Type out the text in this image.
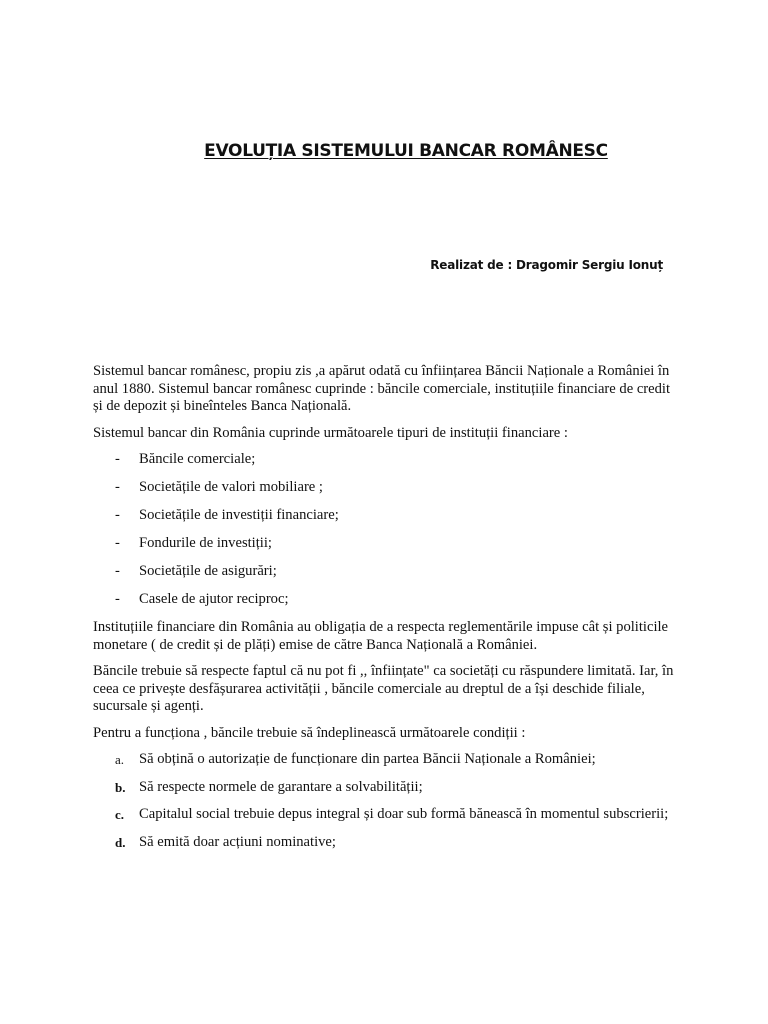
EVOLUȚIA SISTEMULUI BANCAR ROMÂNESC
Realizat de : Dragomir Sergiu Ionuț

Sistemul bancar românesc, propiu zis ,a apărut odată cu înființarea Băncii Naționale a României în anul 1880. Sistemul bancar românesc cuprinde : băncile comerciale, instituțiile financiare de credit și de depozit și bineînteles Banca Națională.

Sistemul bancar din România cuprinde următoarele tipuri de instituții financiare :

- Băncile comerciale;
- Societățile de valori mobiliare ;
- Societățile de investiții financiare;
- Fondurile de investiții;
- Societățile de asigurări;
- Casele de ajutor reciproc;

Instituțiile financiare din România au obligația de a respecta reglementările impuse cât și politicile monetare ( de credit și de plăți) emise de către Banca Națională a României.

Băncile trebuie să respecte faptul că nu pot fi ,, înființate" ca societăți cu răspundere limitată. Iar, în ceea ce privește desfășurarea activității , băncile comerciale au dreptul de a își deschide filiale, sucursale și agenți.

Pentru a funcționa , băncile trebuie să îndeplinească următoarele condiții :

a. Să obțină o autorizație de funcționare din partea Băncii Naționale a României;
b. Să respecte normele de garantare a solvabilității;
c. Capitalul social trebuie depus integral și doar sub formă bănească în momentul subscrierii;
d. Să emită doar acțiuni nominative;
